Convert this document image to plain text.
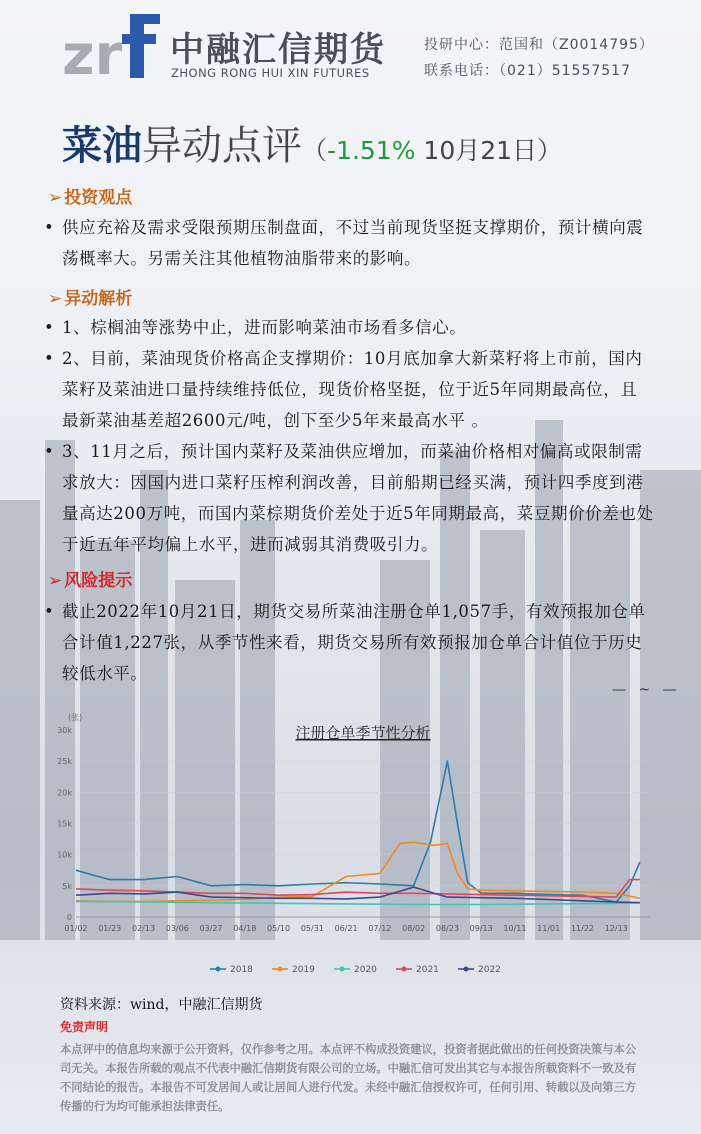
zr 中融汇信期货
ZHONG RONG HUI XIN FUTURES
投研中心：范国和（Z0014795）
联系电话：（021）51557517
菜油异动点评（-1.51% 10月21日）
➢ 投资观点
• 供应充裕及需求受限预期压制盘面，不过当前现货坚挺支撑期价，预计横向震荡概率大。另需关注其他植物油脂带来的影响。
➢ 异动解析
• 1、棕榈油等涨势中止，进而影响菜油市场看多信心。
• 2、目前，菜油现货价格高企支撑期价：10月底加拿大新菜籽将上市前，国内菜籽及菜油进口量持续维持低位，现货价格坚挺，位于近5年同期最高位，且最新菜油基差超2600元/吨，创下至少5年来最高水平 。
• 3、11月之后，预计国内菜籽及菜油供应增加，而菜油价格相对偏高或限制需求放大：因国内进口菜籽压榨利润改善，目前船期已经买满，预计四季度到港量高达200万吨，而国内菜棕期货价差处于近5年同期最高，菜豆期价价差也处于近五年平均偏上水平，进而减弱其消费吸引力。
➢ 风险提示
• 截止2022年10月21日，期货交易所菜油注册仓单1,057手，有效预报加仓单合计值1,227张，从季节性来看，期货交易所有效预报加仓单合计值位于历史较低水平。
— ~ —
0
5k
10k
15k
20k
25k
30k
(张)
01/02 01/23 02/13 03/06 03/27 04/18 05/10 05/31 06/21 07/12 08/02 08/23 09/13 10/11 11/01 11/22 12/13
注册仓单季节性分析
2018	2019	2020	2021	2022
资料来源：wind，中融汇信期货
免责声明
本点评中的信息均来源于公开资料，仅作参考之用。本点评不构成投资建议，投资者据此做出的任何投资决策与本公司无关。本报告所载的观点不代表中融汇信期货有限公司的立场。中融汇信可发出其它与本报告所载资料不一致及有不同结论的报告。本报告不可发居间人或让居间人进行代发。未经中融汇信授权许可，任何引用、转载以及向第三方传播的行为均可能承担法律责任。
